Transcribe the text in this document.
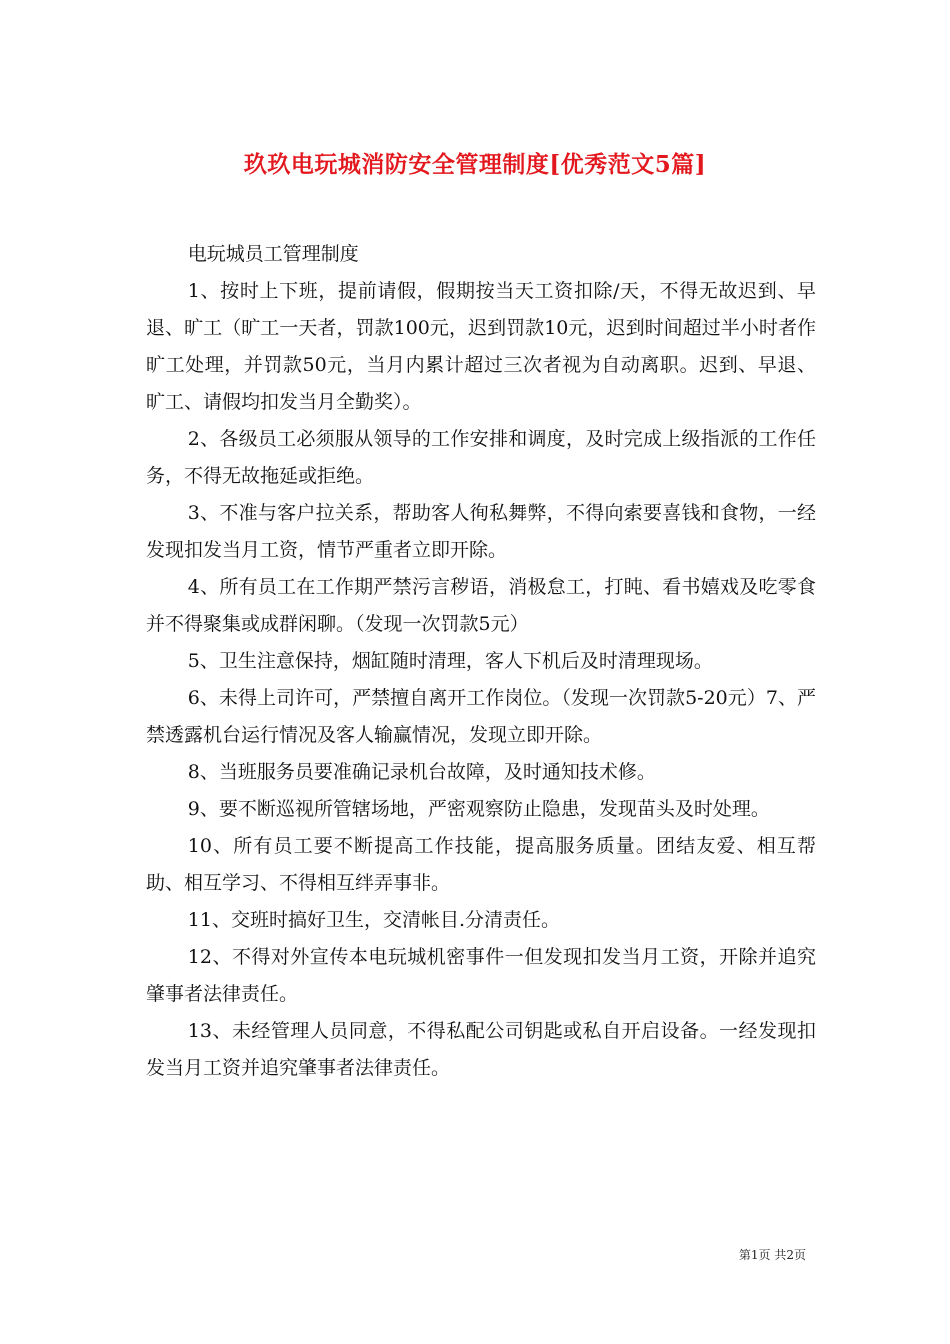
玖玖电玩城消防安全管理制度[优秀范文5篇]

电玩城员工管理制度

1、按时上下班，提前请假，假期按当天工资扣除/天，不得无故迟到、早退、旷工（旷工一天者，罚款100元，迟到罚款10元，迟到时间超过半小时者作旷工处理，并罚款50元，当月内累计超过三次者视为自动离职。迟到、早退、旷工、请假均扣发当月全勤奖）。

2、各级员工必须服从领导的工作安排和调度，及时完成上级指派的工作任务，不得无故拖延或拒绝。

3、不准与客户拉关系，帮助客人徇私舞弊，不得向索要喜钱和食物，一经发现扣发当月工资，情节严重者立即开除。

4、所有员工在工作期严禁污言秽语，消极怠工，打盹、看书嬉戏及吃零食并不得聚集或成群闲聊。（发现一次罚款5元）

5、卫生注意保持，烟缸随时清理，客人下机后及时清理现场。

6、未得上司许可，严禁擅自离开工作岗位。（发现一次罚款5-20元）7、严禁透露机台运行情况及客人输赢情况，发现立即开除。

8、当班服务员要准确记录机台故障，及时通知技术修。

9、要不断巡视所管辖场地，严密观察防止隐患，发现苗头及时处理。

10、所有员工要不断提高工作技能，提高服务质量。团结友爱、相互帮助、相互学习、不得相互绊弄事非。

11、交班时搞好卫生，交清帐目.分清责任。

12、不得对外宣传本电玩城机密事件一但发现扣发当月工资，开除并追究肇事者法律责任。

13、未经管理人员同意，不得私配公司钥匙或私自开启设备。一经发现扣发当月工资并追究肇事者法律责任。

第1页 共2页
